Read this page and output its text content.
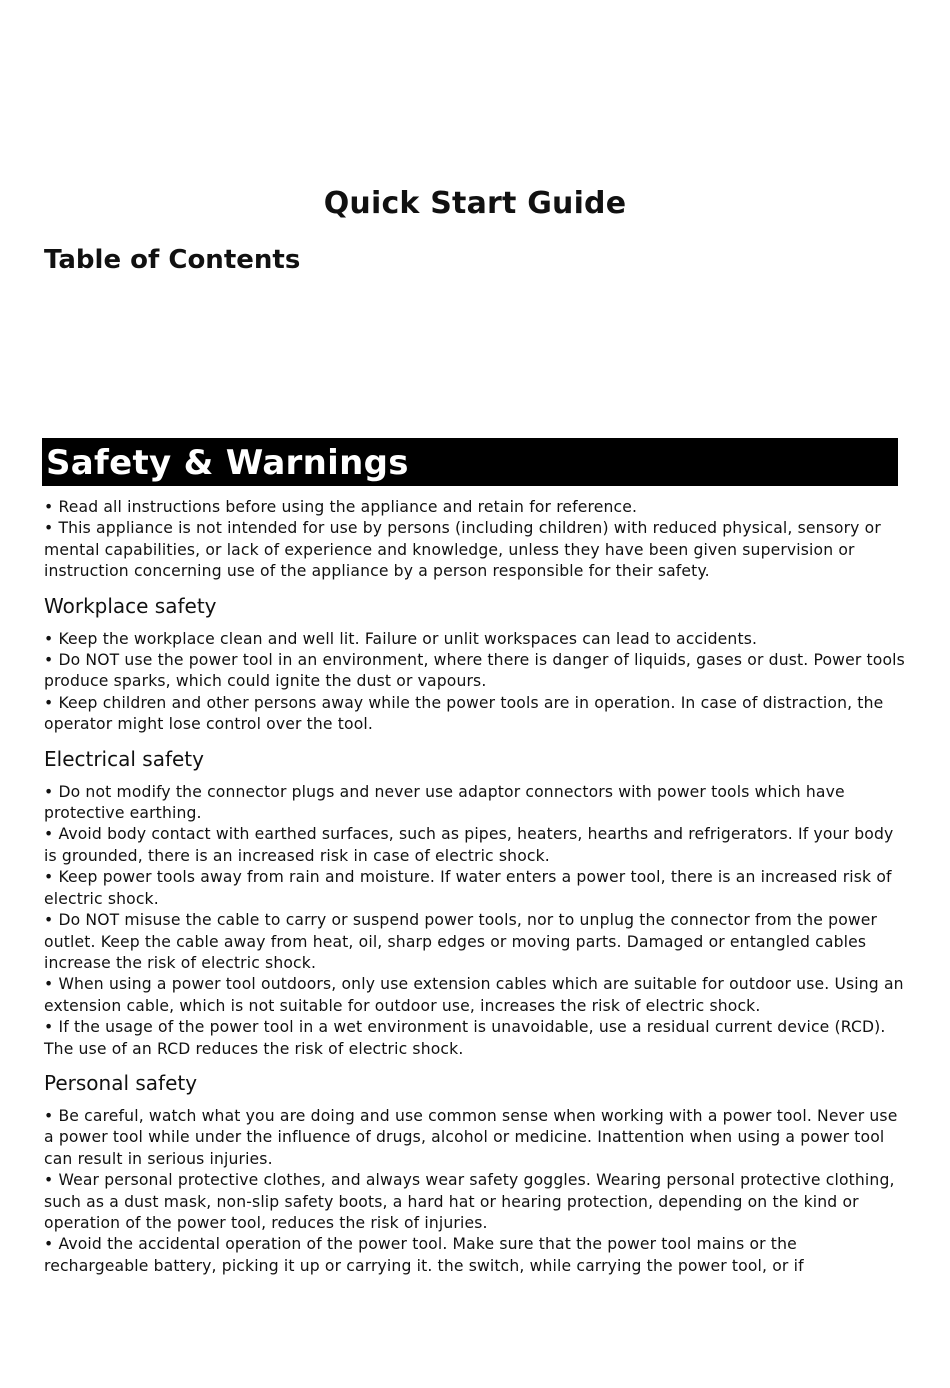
Quick Start Guide
Table of Contents
Safety & Warnings

• Read all instructions before using the appliance and retain for reference.

• This appliance is not intended for use by persons (including children) with reduced physical, sensory or mental capabilities, or lack of experience and knowledge, unless they have been given supervision or instruction concerning use of the appliance by a person responsible for their safety.

Workplace safety

• Keep the workplace clean and well lit. Failure or unlit workspaces can lead to accidents.

• Do NOT use the power tool in an environment, where there is danger of liquids, gases or dust. Power tools produce sparks, which could ignite the dust or vapours.

• Keep children and other persons away while the power tools are in operation. In case of distraction, the operator might lose control over the tool.

Electrical safety

• Do not modify the connector plugs and never use adaptor connectors with power tools which have protective earthing.

• Avoid body contact with earthed surfaces, such as pipes, heaters, hearths and refrigerators. If your body is grounded, there is an increased risk in case of electric shock.

• Keep power tools away from rain and moisture. If water enters a power tool, there is an increased risk of electric shock.

• Do NOT misuse the cable to carry or suspend power tools, nor to unplug the connector from the power outlet. Keep the cable away from heat, oil, sharp edges or moving parts. Damaged or entangled cables increase the risk of electric shock.

• When using a power tool outdoors, only use extension cables which are suitable for outdoor use. Using an extension cable, which is not suitable for outdoor use, increases the risk of electric shock.

• If the usage of the power tool in a wet environment is unavoidable, use a residual current device (RCD). The use of an RCD reduces the risk of electric shock.

Personal safety

• Be careful, watch what you are doing and use common sense when working with a power tool. Never use a power tool while under the influence of drugs, alcohol or medicine. Inattention when using a power tool can result in serious injuries.

• Wear personal protective clothes, and always wear safety goggles. Wearing personal protective clothing, such as a dust mask, non-slip safety boots, a hard hat or hearing protection, depending on the kind or operation of the power tool, reduces the risk of injuries.

• Avoid the accidental operation of the power tool. Make sure that the power tool mains or the rechargeable battery, picking it up or carrying it. the switch, while carrying the power tool, or if
